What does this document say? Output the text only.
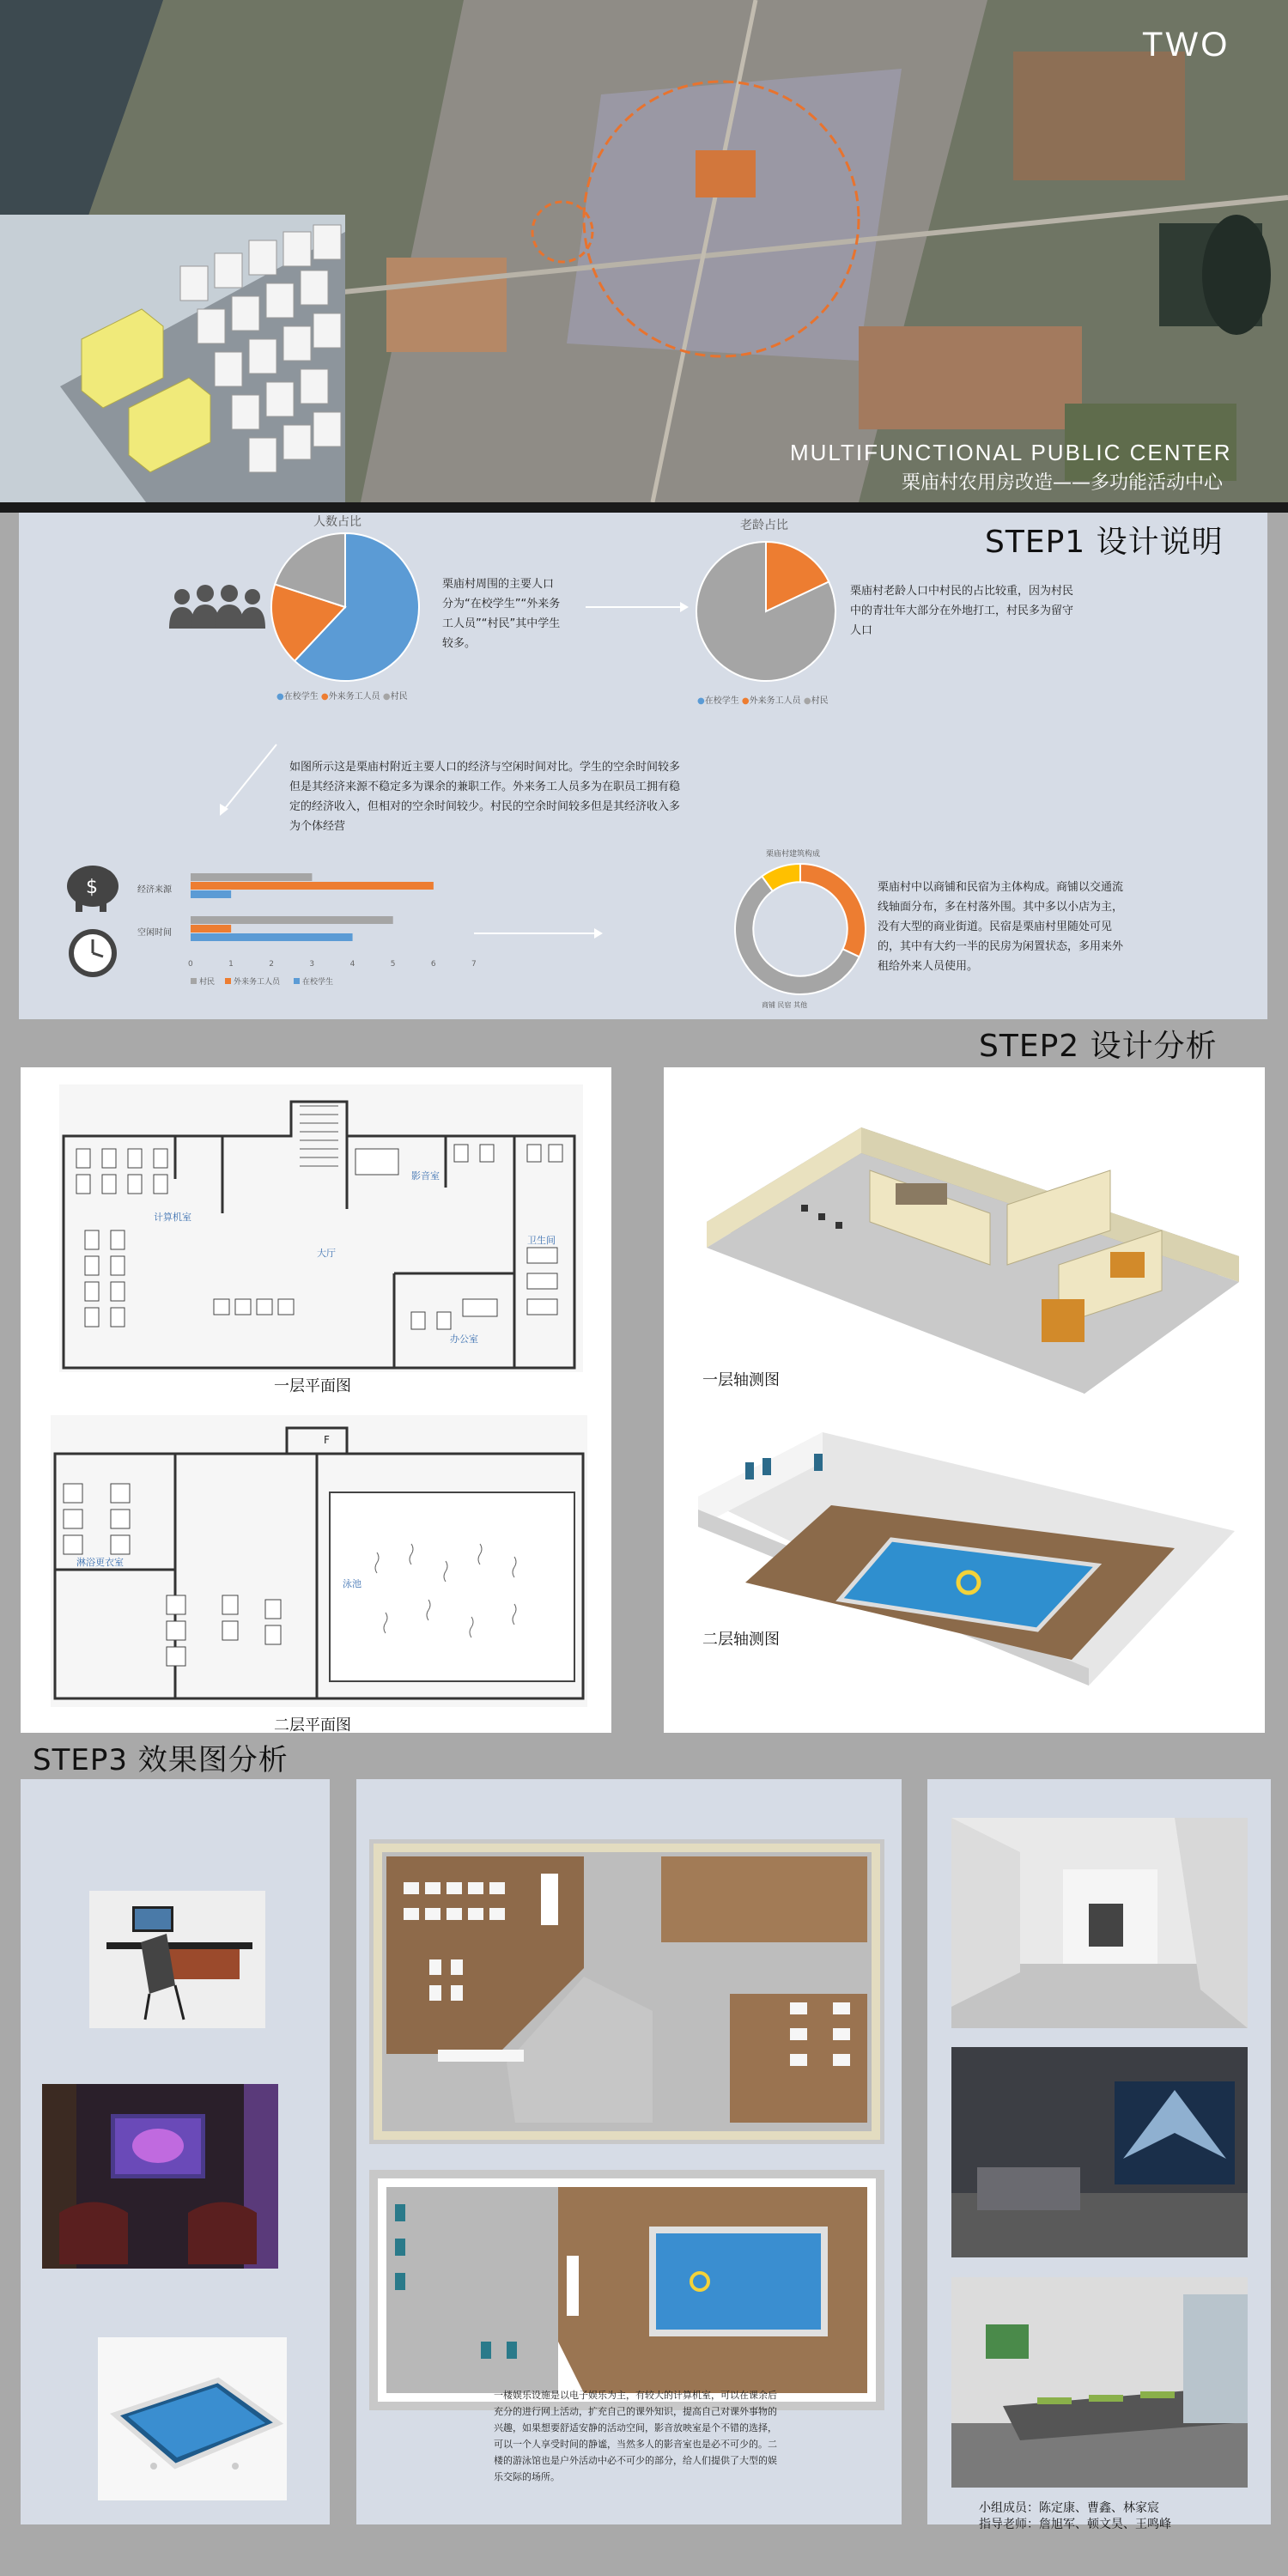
TWO
MULTIFUNCTIONAL PUBLIC CENTER
栗庙村农用房改造——多功能活动中心
STEP1 设计说明
人数占比
●在校学生 ●外来务工人员 ●村民
栗庙村周围的主要人口分为“在校学生”“外来务工人员”“村民”其中学生较多。
老龄占比
●在校学生 ●外来务工人员 ●村民
栗庙村老龄人口中村民的占比较重，因为村民中的青壮年大部分在外地打工，村民多为留守人口
如图所示这是栗庙村附近主要人口的经济与空闲时间对比。学生的空余时间较多但是其经济来源不稳定多为课余的兼职工作。外来务工人员多为在职员工拥有稳定的经济收入，但相对的空余时间较少。村民的空余时间较多但是其经济收入多为个体经营
$	经济来源
空闲时间
0	1	2	3	4	5	6	7
村民 外来务工人员	在校学生
栗庙村建筑构成
商铺 民宿 其他
栗庙村中以商铺和民宿为主体构成。商铺以交通流线轴面分布，多在村落外围。其中多以小店为主，没有大型的商业街道。民宿是栗庙村里随处可见的，其中有大约一半的民房为闲置状态，多用来外租给外来人员使用。
STEP2 设计分析
计算机室
影音室
大厅
卫生间
办公室
一层平面图
淋浴更衣室
泳池
F
二层平面图
一层轴测图
二层轴测图
STEP3 效果图分析
一楼娱乐设施是以电子娱乐为主，有较大的计算机室，可以在课余后充分的进行网上活动，扩充自己的课外知识，提高自己对课外事物的兴趣，如果想要舒适安静的活动空间，影音放映室是个不错的选择，可以一个人享受时间的静谧，当然多人的影音室也是必不可少的。二楼的游泳馆也是户外活动中必不可少的部分，给人们提供了大型的娱乐交际的场所。
小组成员：陈定康、曹鑫、林家宸
指导老师：詹旭军、顿文昊、王鸣峰
